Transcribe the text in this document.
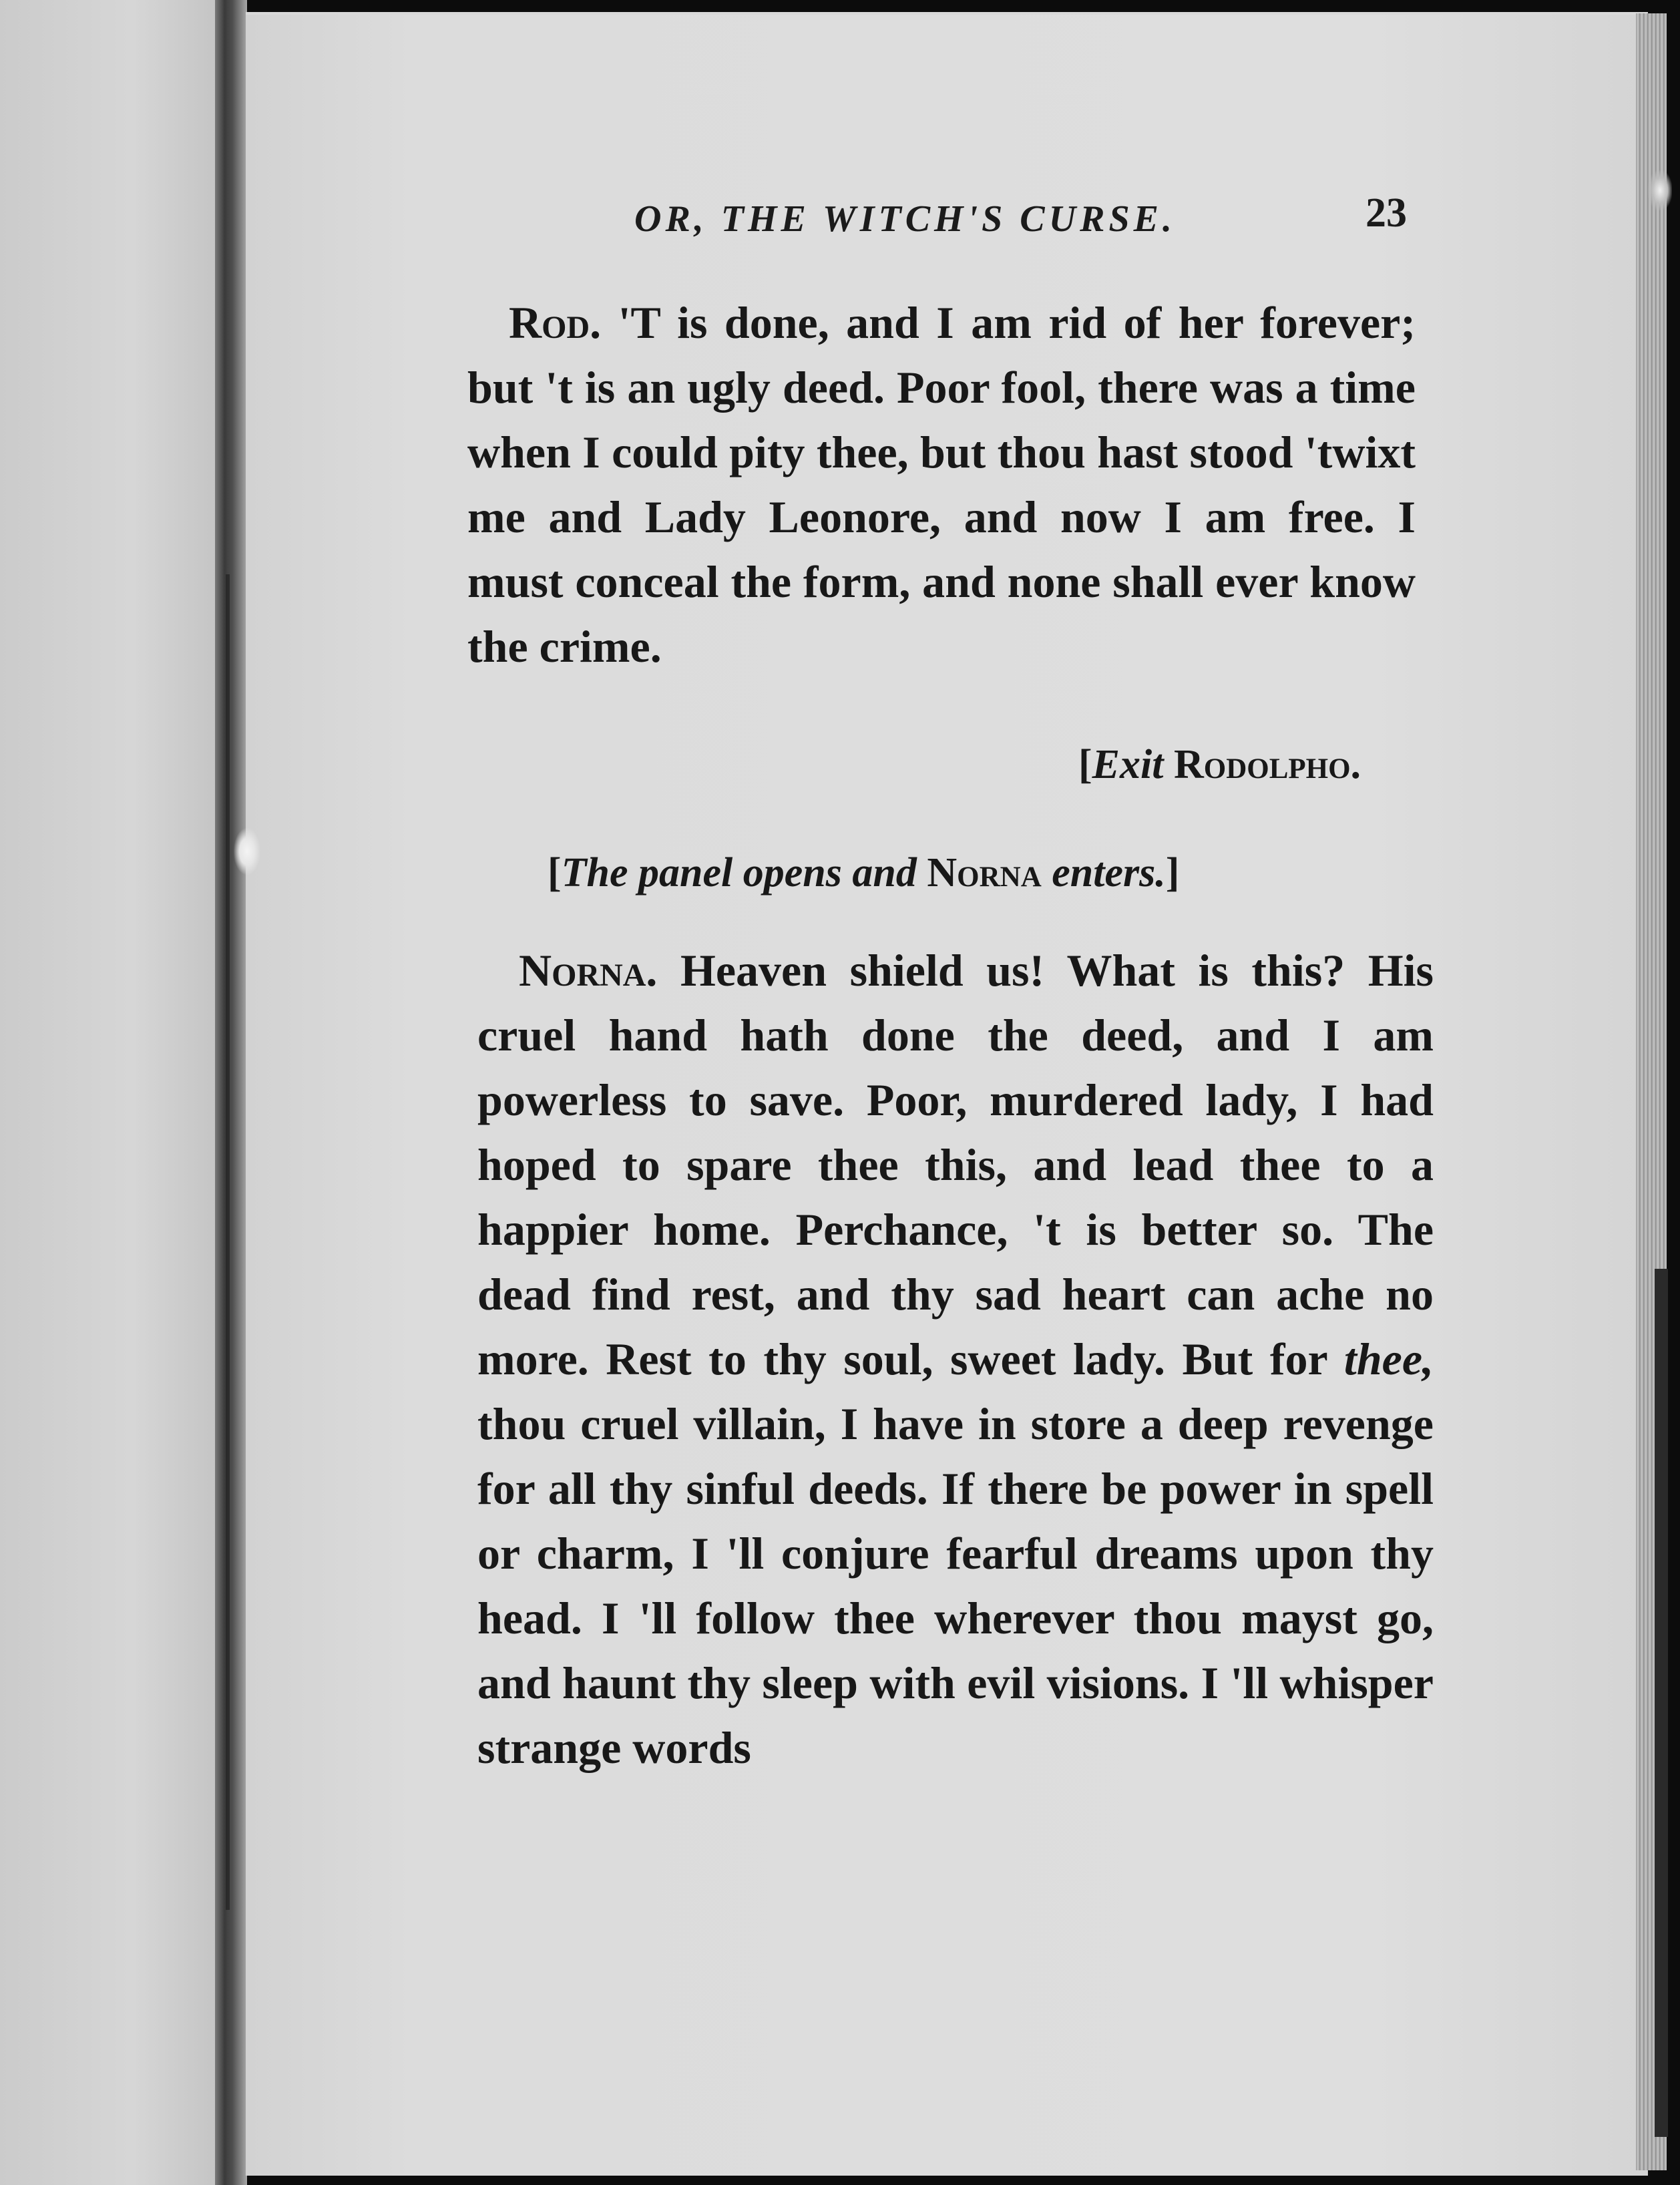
OR, THE WITCH'S CURSE.	23
Rod. 'T is done, and I am rid of her forever; but 't is an ugly deed. Poor fool, there was a time when I could pity thee, but thou hast stood 'twixt me and Lady Leonore, and now I am free. I must conceal the form, and none shall ever know the crime.
[Exit Rodolpho.
[The panel opens and Norna enters.]
Norna. Heaven shield us! What is this? His cruel hand hath done the deed, and I am powerless to save. Poor, murdered lady, I had hoped to spare thee this, and lead thee to a happier home. Perchance, 't is better so. The dead find rest, and thy sad heart can ache no more. Rest to thy soul, sweet lady. But for thee, thou cruel villain, I have in store a deep revenge for all thy sinful deeds. If there be power in spell or charm, I 'll conjure fearful dreams upon thy head. I 'll follow thee wherever thou mayst go, and haunt thy sleep with evil visions. I 'll whisper strange words
